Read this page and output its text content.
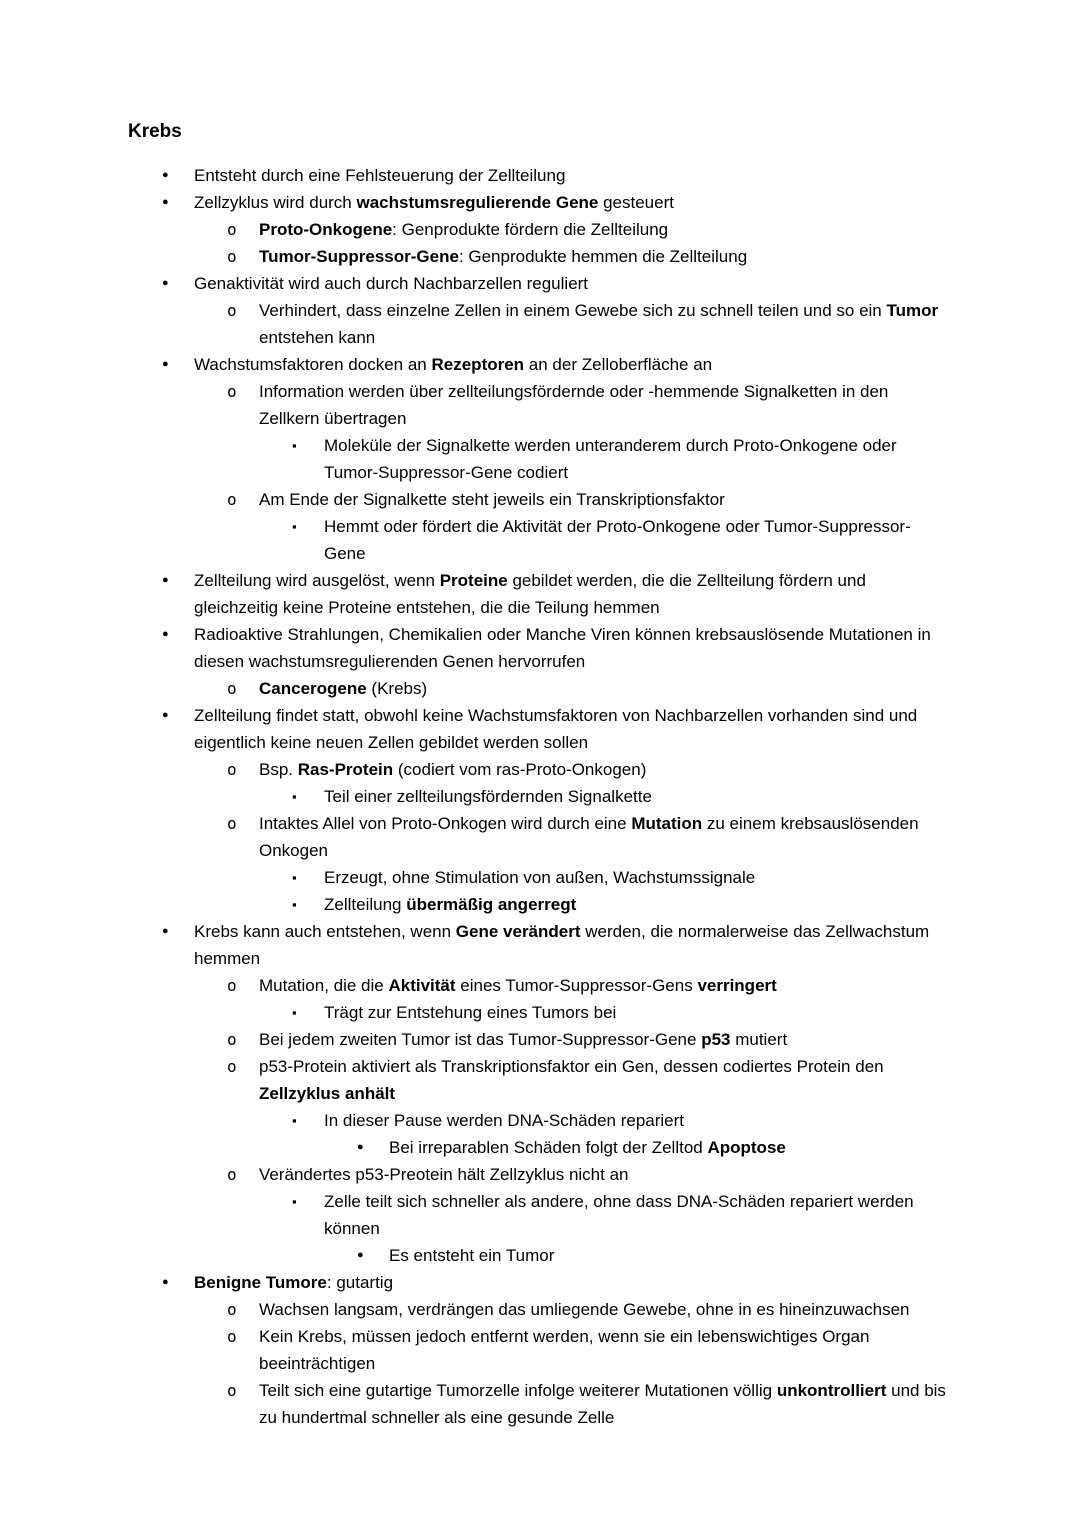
Krebs
●	Entsteht durch eine Fehlsteuerung der Zellteilung
●	Zellzyklus wird durch wachstumsregulierende Gene gesteuert
o	Proto-Onkogene: Genprodukte fördern die Zellteilung
o	Tumor-Suppressor-Gene: Genprodukte hemmen die Zellteilung
●	Genaktivität wird auch durch Nachbarzellen reguliert
o	Verhindert, dass einzelne Zellen in einem Gewebe sich zu schnell teilen und so ein Tumor entstehen kann
●	Wachstumsfaktoren docken an Rezeptoren an der Zelloberfläche an
o	Information werden über zellteilungsfördernde oder -hemmende Signalketten in den Zellkern übertragen
▪	Moleküle der Signalkette werden unteranderem durch Proto-Onkogene oder Tumor-Suppressor-Gene codiert
o	Am Ende der Signalkette steht jeweils ein Transkriptionsfaktor
▪	Hemmt oder fördert die Aktivität der Proto-Onkogene oder Tumor-Suppressor-Gene
●	Zellteilung wird ausgelöst, wenn Proteine gebildet werden, die die Zellteilung fördern und gleichzeitig keine Proteine entstehen, die die Teilung hemmen
●	Radioaktive Strahlungen, Chemikalien oder Manche Viren können krebsauslösende Mutationen in diesen wachstumsregulierenden Genen hervorrufen
o	Cancerogene (Krebs)
●	Zellteilung findet statt, obwohl keine Wachstumsfaktoren von Nachbarzellen vorhanden sind und eigentlich keine neuen Zellen gebildet werden sollen
o	Bsp. Ras-Protein (codiert vom ras-Proto-Onkogen)
▪	Teil einer zellteilungsfördernden Signalkette
o	Intaktes Allel von Proto-Onkogen wird durch eine Mutation zu einem krebsauslösenden Onkogen
▪	Erzeugt, ohne Stimulation von außen, Wachstumssignale
▪	Zellteilung übermäßig angerregt
●	Krebs kann auch entstehen, wenn Gene verändert werden, die normalerweise das Zellwachstum hemmen
o	Mutation, die die Aktivität eines Tumor-Suppressor-Gens verringert
▪	Trägt zur Entstehung eines Tumors bei
o	Bei jedem zweiten Tumor ist das Tumor-Suppressor-Gene p53 mutiert
o	p53-Protein aktiviert als Transkriptionsfaktor ein Gen, dessen codiertes Protein den Zellzyklus anhält
▪	In dieser Pause werden DNA-Schäden repariert
●	Bei irreparablen Schäden folgt der Zelltod Apoptose
o	Verändertes p53-Preotein hält Zellzyklus nicht an
▪	Zelle teilt sich schneller als andere, ohne dass DNA-Schäden repariert werden können
●	Es entsteht ein Tumor
●	Benigne Tumore: gutartig
o	Wachsen langsam, verdrängen das umliegende Gewebe, ohne in es hineinzuwachsen
o	Kein Krebs, müssen jedoch entfernt werden, wenn sie ein lebenswichtiges Organ beeinträchtigen
o	Teilt sich eine gutartige Tumorzelle infolge weiterer Mutationen völlig unkontrolliert und bis zu hundertmal schneller als eine gesunde Zelle
